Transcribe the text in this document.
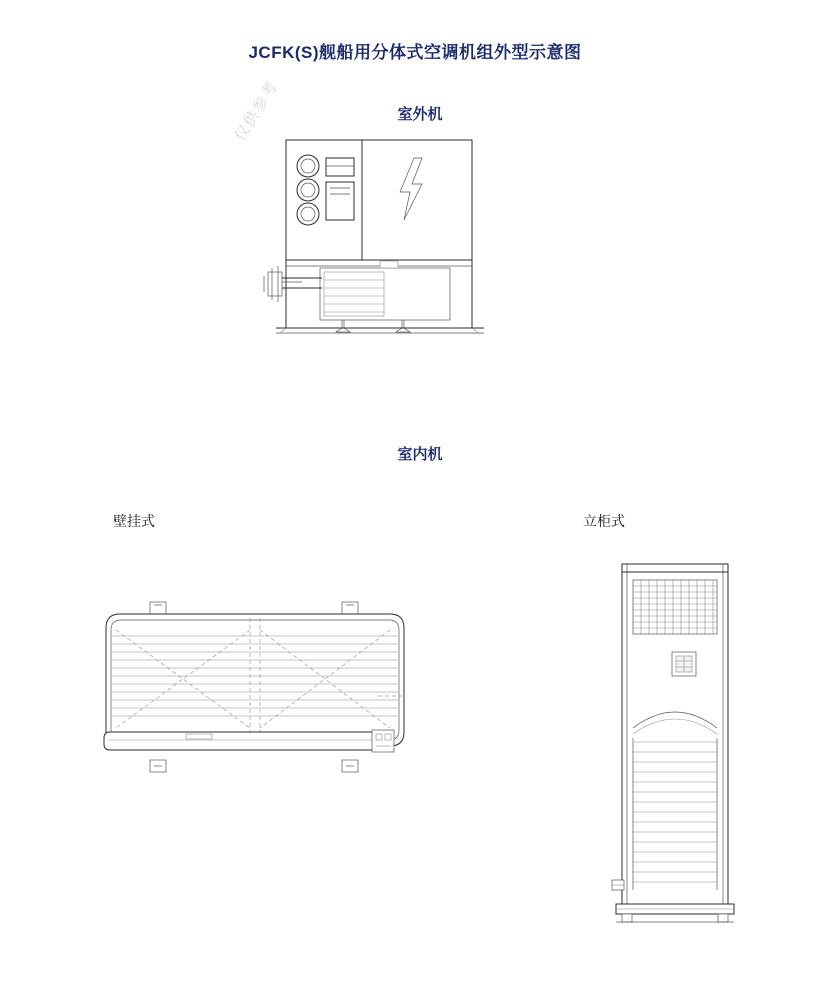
JCFK(S)舰船用分体式空调机组外型示意图
仅供参考	室外机
室内机
壁挂式	立柜式
